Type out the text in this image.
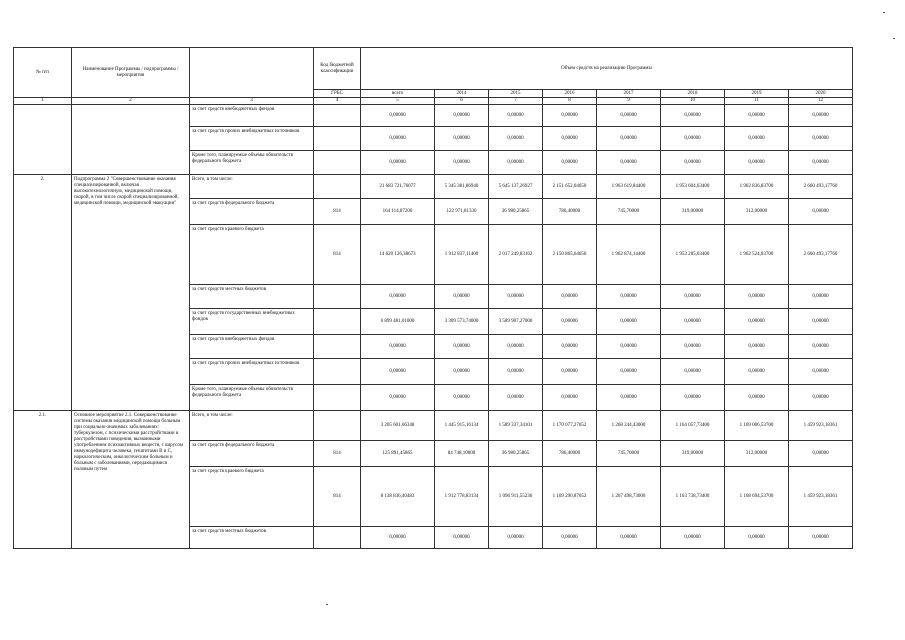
№ п/п	Наименование Программы / подпрограммы / мероприятия		Код бюджетной классификации	Объем средств на реализацию Программы							
			ГРБС	всего	2014	2015	2016	2017	2018	2019	2020
1	2	3	4	5	6	7	8	9	10	11	12
		за счет средств внебюджетных фондов		0,00000	0,00000	0,00000	0,00000	0,00000	0,00000	0,00000	0,00000
		за счет средств прочих внебюджетных источников		0,00000	0,00000	0,00000	0,00000	0,00000	0,00000	0,00000	0,00000
		Кроме того, планируемые объемы обязательств федерального бюджета		0,00000	0,00000	0,00000	0,00000	0,00000	0,00000	0,00000	0,00000
2.	Подпрограмма 2 "Совершенствование оказания специализированной, включая высокотехнологичную, медицинской помощи, скорой, в том числе скорой специализированной, медицинской помощи, медицинской эвакуации"	Всего, в том числе:		21 683 721,76077	5 345 381,86940	5 645 137,26927	2 151 652,04650	1 963 619,84400	1 953 604,63400	1 962 836,83700	2 660 493,17760
		за счет средств федерального бюджета	814	164 114,87200	122 971,81330	36 980,25865	786,40000	745,70000	319,00000	312,00000	0,00000
		за счет средств краевого бюджета	814	14 620 126,38673	1 912 837,11400	2 017 249,83162	2 150 865,64650	1 962 874,14400	1 953 285,63400	1 962 524,83700	2 660 493,17760
		за счет средств местных бюджетов		0,00000	0,00000	0,00000	0,00000	0,00000	0,00000	0,00000	0,00000
		за счет средств государственных внебюджетных фондов		6 899 481,01000	3 309 573,74000	3 589 907,27000	0,00000	0,00000	0,00000	0,00000	0,00000
		за счет средств внебюджетных фондов		0,00000	0,00000	0,00000	0,00000	0,00000	0,00000	0,00000	0,00000
		за счет средств прочих внебюджетных источников		0,00000	0,00000	0,00000	0,00000	0,00000	0,00000	0,00000	0,00000
		Кроме того, планируемые объемы обязательств федерального бюджета		0,00000	0,00000	0,00000	0,00000	0,00000	0,00000	0,00000	0,00000
2.1.	Основное мероприятие 2.1. Совершенствование системы оказания медицинской помощи больным при социально-значимых заболеваниях: туберкулезом, с психическими расстройствами и расстройствами поведения, вызванными употреблением психоактивных веществ, с вирусом иммунодефицита человека, гепатитами В и С, наркологическим, онкологическим больным и больным с заболеваниями, передающимися половым путем	Всего, в том числе:		3 265 601,66348	1 445 915,16134	1 589 337,34101	1 170 077,27652	1 268 244,43000	1 164 057,73400	1 169 006,53700	1 459 923,18361
		за счет средств федерального бюджета	814	125 891,45865	84 748,10000	36 980,25865	786,40000	745,70000	319,00000	312,00000	0,00000
		за счет средств краевого бюджета	814	8 138 836,40483	1 912 778,83134	1 096 911,55236	1 169 290,87652	1 267 498,73000	1 163 738,73400	1 168 694,53700	1 459 923,18361
		за счет средств местных бюджетов		0,00000	0,00000	0,00000	0,00000	0,00000	0,00000	0,00000	0,00000
